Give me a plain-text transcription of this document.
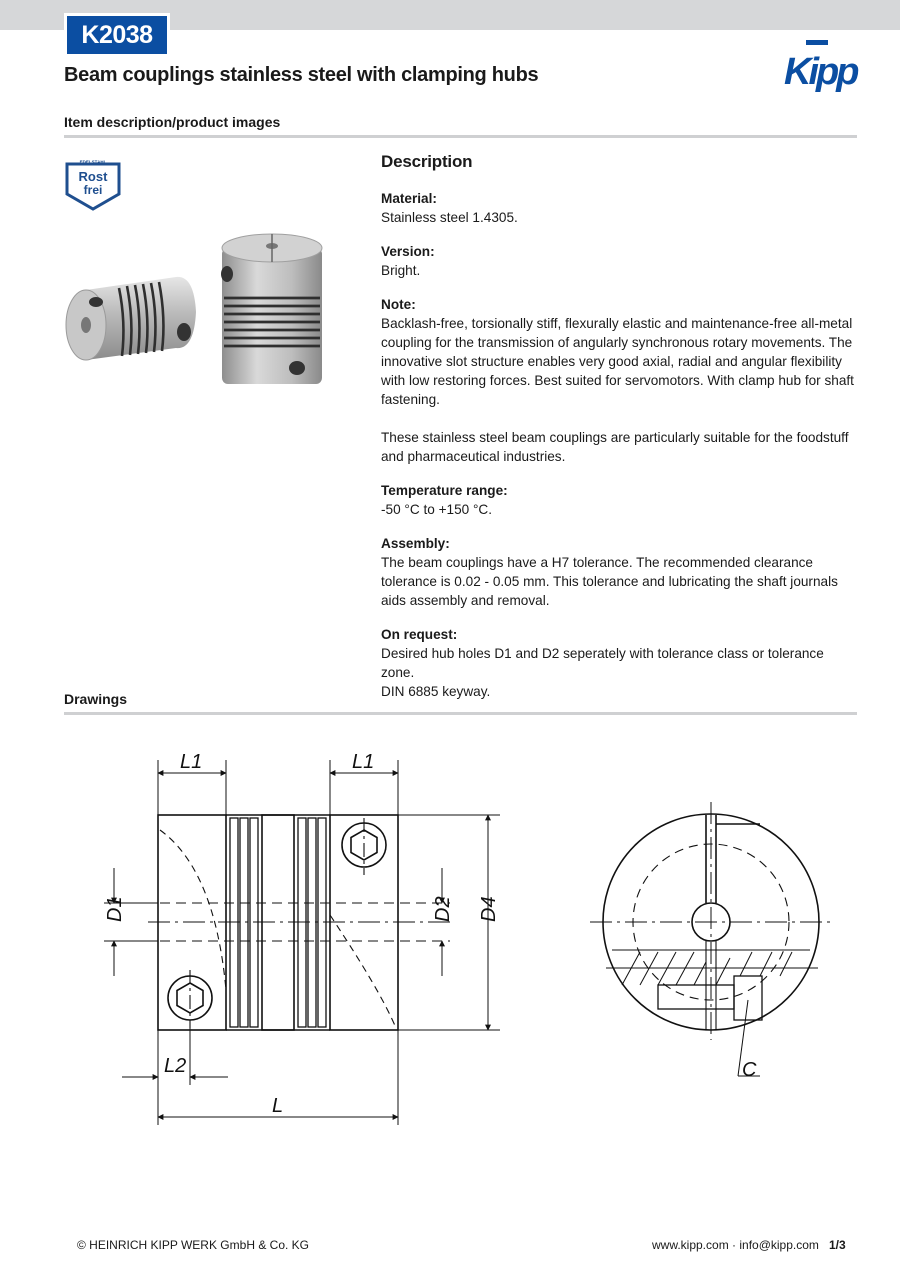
K2038
Beam couplings stainless steel with clamping hubs	Kipp
Item description/product images
EDELSTAHL
Rost
frei
Description
Material:
Stainless steel 1.4305.
Version:
Bright.
Note:
Backlash-free, torsionally stiff, flexurally elastic and maintenance-free all-metal coupling for the transmission of angularly synchronous rotary movements. The innovative slot structure enables very good axial, radial and angular flexibility with low restoring forces. Best suited for servomotors. With clamp hub for shaft fastening.
These stainless steel beam couplings are particularly suitable for the foodstuff and pharmaceutical industries.
Temperature range:
-50 °C to +150 °C.
Assembly:
The beam couplings have a H7 tolerance. The recommended clearance tolerance is 0.02 - 0.05 mm. This tolerance and lubricating the shaft journals aids assembly and removal.
On request:
Desired hub holes D1 and D2 seperately with tolerance class or tolerance zone.
DIN 6885 keyway.
Drawings
L1	L1
L2
L
D1	D2 D4
C
© HEINRICH KIPP WERK GmbH & Co. KG	www.kipp.com · info@kipp.com 1/3
